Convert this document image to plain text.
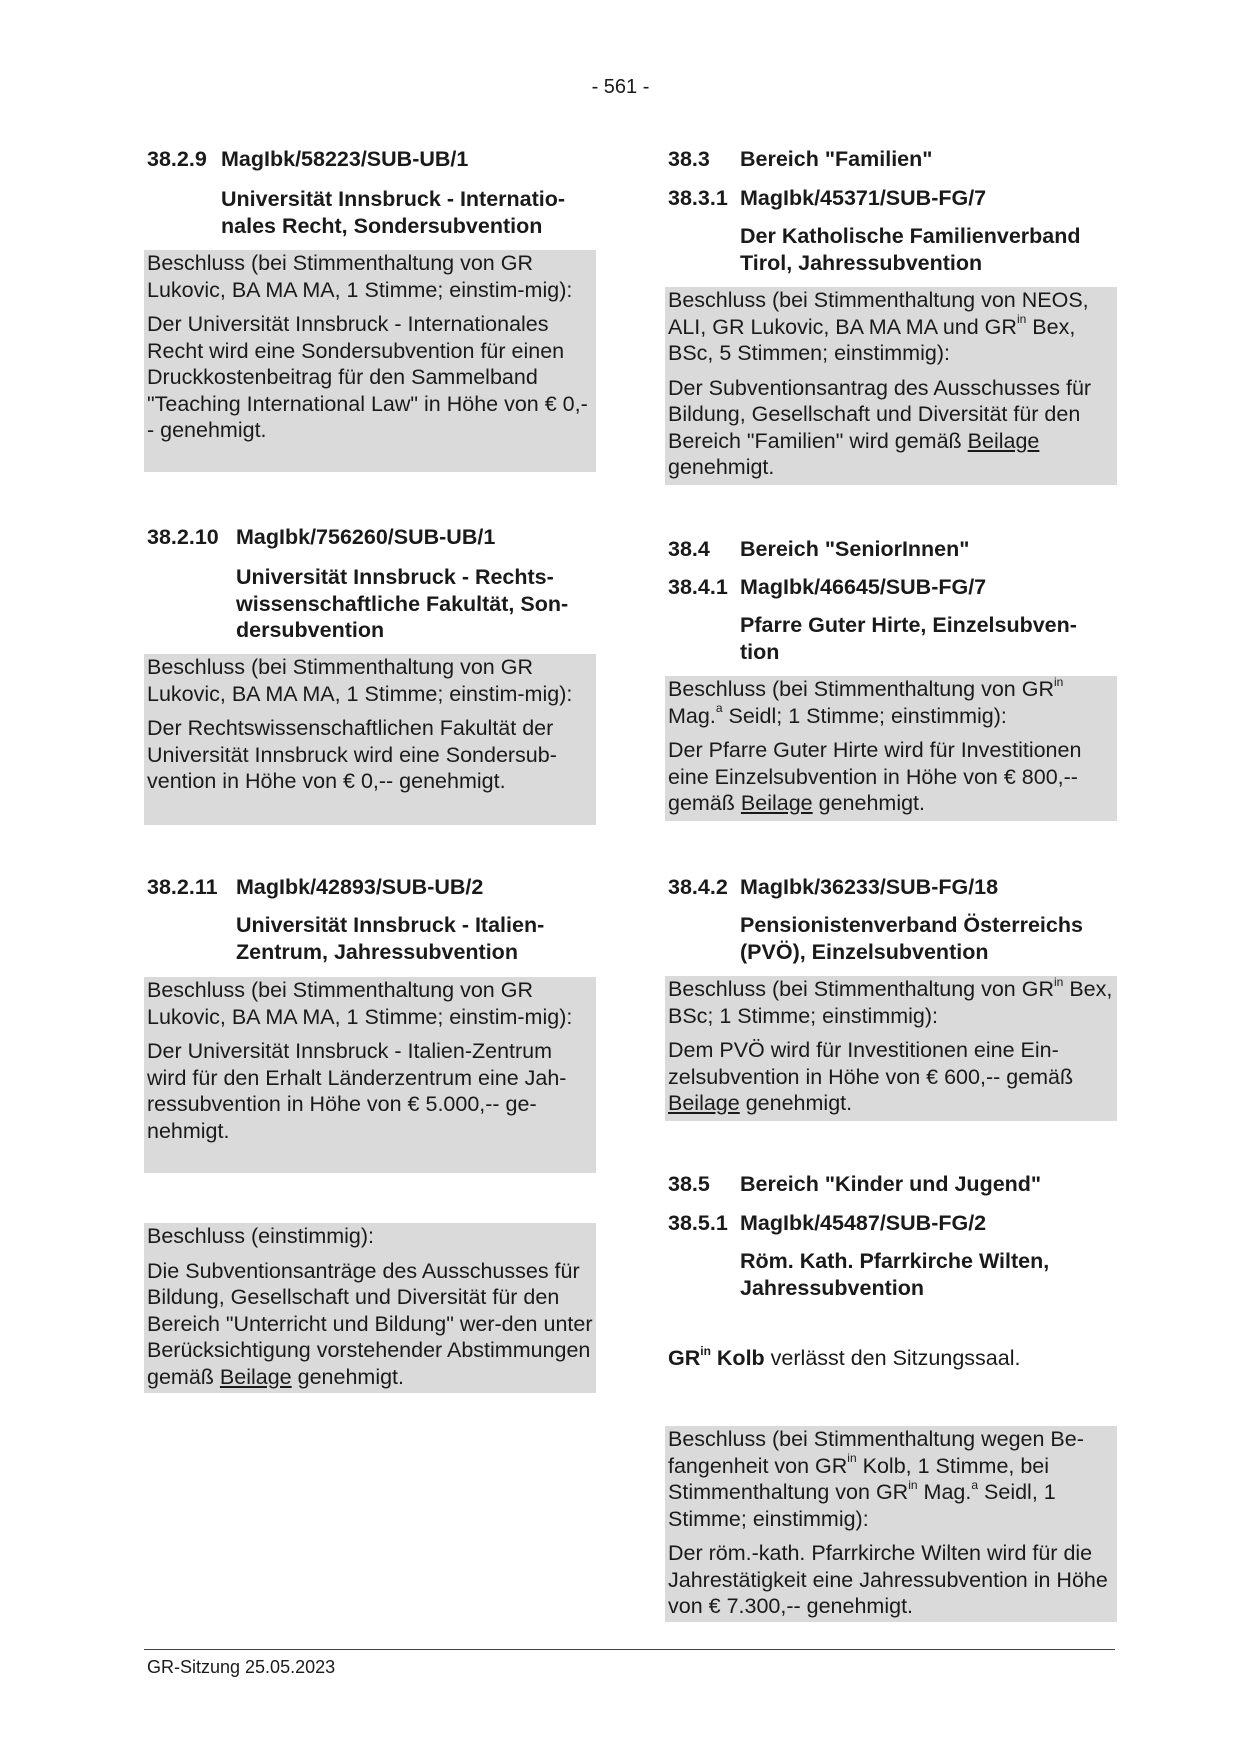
- 561 -
38.2.9 MagIbk/58223/SUB-UB/1
Universität Innsbruck - Internatio-nales Recht, Sondersubvention

Beschluss (bei Stimmenthaltung von GR Lukovic, BA MA MA, 1 Stimme; einstim-mig):

Der Universität Innsbruck - Internationales Recht wird eine Sondersubvention für einen Druckkostenbeitrag für den Sammelband "Teaching International Law" in Höhe von € 0,-- genehmigt.

38.2.10 MagIbk/756260/SUB-UB/1
Universität Innsbruck - Rechts-wissenschaftliche Fakultät, Son-dersubvention

Beschluss (bei Stimmenthaltung von GR Lukovic, BA MA MA, 1 Stimme; einstim-mig):

Der Rechtswissenschaftlichen Fakultät der Universität Innsbruck wird eine Sondersub-vention in Höhe von € 0,-- genehmigt.

38.2.11 MagIbk/42893/SUB-UB/2
Universität Innsbruck - Italien-Zentrum, Jahressubvention

Beschluss (bei Stimmenthaltung von GR Lukovic, BA MA MA, 1 Stimme; einstim-mig):

Der Universität Innsbruck - Italien-Zentrum wird für den Erhalt Länderzentrum eine Jah-ressubvention in Höhe von € 5.000,-- ge-nehmigt.

Beschluss (einstimmig):

Die Subventionsanträge des Ausschusses für Bildung, Gesellschaft und Diversität für den Bereich "Unterricht und Bildung" wer-den unter Berücksichtigung vorstehender Abstimmungen gemäß Beilage genehmigt.

38.3 Bereich "Familien"
38.3.1 MagIbk/45371/SUB-FG/7
Der Katholische Familienverband Tirol, Jahressubvention

Beschluss (bei Stimmenthaltung von NEOS, ALI, GR Lukovic, BA MA MA und $GR^{in}$ Bex, BSc, 5 Stimmen; einstimmig):

Der Subventionsantrag des Ausschusses für Bildung, Gesellschaft und Diversität für den Bereich "Familien" wird gemäß Beilage genehmigt.

38.4 Bereich "SeniorInnen"
38.4.1 MagIbk/46645/SUB-FG/7
Pfarre Guter Hirte, Einzelsubven-tion

Beschluss (bei Stimmenthaltung von $GR^{in}$ Mag.$^a$ Seidl; 1 Stimme; einstimmig):

Der Pfarre Guter Hirte wird für Investitionen eine Einzelsubvention in Höhe von € 800,-- gemäß Beilage genehmigt.

38.4.2 MagIbk/36233/SUB-FG/18
Pensionistenverband Österreichs (PVÖ), Einzelsubvention

Beschluss (bei Stimmenthaltung von $GR^{in}$ Bex, BSc; 1 Stimme; einstimmig):

Dem PVÖ wird für Investitionen eine Ein-zelsubvention in Höhe von € 600,-- gemäß Beilage genehmigt.

38.5 Bereich "Kinder und Jugend"
38.5.1 MagIbk/45487/SUB-FG/2
Röm. Kath. Pfarrkirche Wilten, Jahressubvention
$GR^{in}$ Kolb verlässt den Sitzungssaal.

Beschluss (bei Stimmenthaltung wegen Be-fangenheit von $GR^{in}$ Kolb, 1 Stimme, bei Stimmenthaltung von $GR^{in}$ Mag.$^a$ Seidl, 1 Stimme; einstimmig):

Der röm.-kath. Pfarrkirche Wilten wird für die Jahrestätigkeit eine Jahressubvention in Höhe von € 7.300,-- genehmigt.

GR-Sitzung 25.05.2023
